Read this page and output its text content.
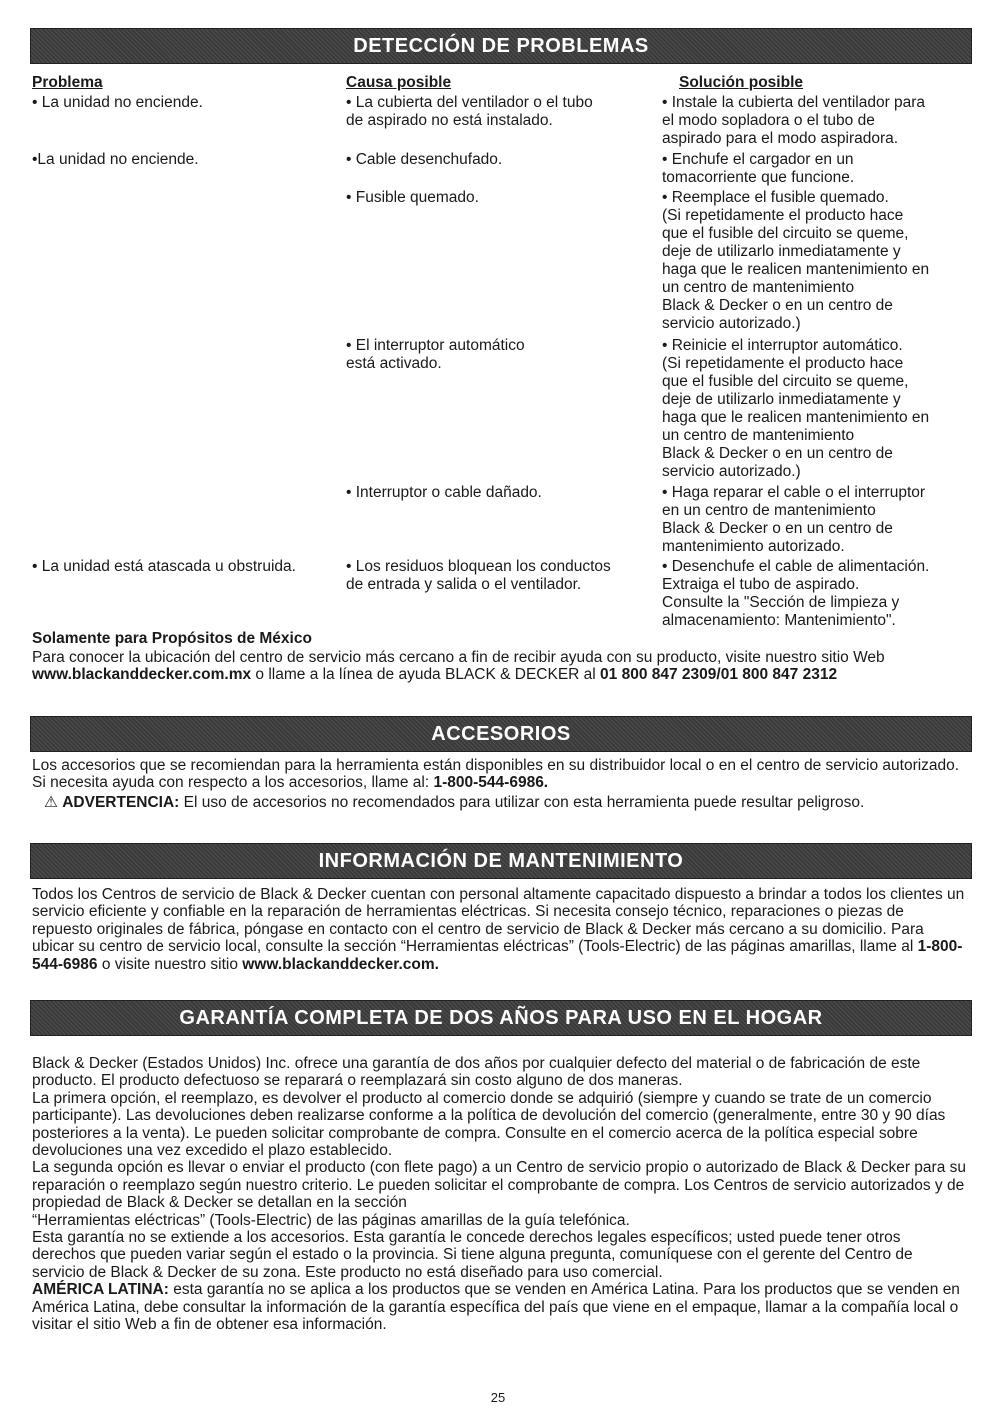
DETECCIÓN DE PROBLEMAS
Problema	Causa posible	Solución posible
• La unidad no enciende.	• La cubierta del ventilador o el tubo
de aspirado no está instalado.
• Instale la cubierta del ventilador para
el modo sopladora o el tubo de
aspirado para el modo aspiradora.
•La unidad no enciende.	• Cable desenchufado.	• Enchufe el cargador en un
tomacorriente que funcione.
• Fusible quemado.	• Reemplace el fusible quemado.
(Si repetidamente el producto hace
que el fusible del circuito se queme,
deje de utilizarlo inmediatamente y
haga que le realicen mantenimiento en
un centro de mantenimiento
Black & Decker o en un centro de
servicio autorizado.)
• El interruptor automático
está activado.
• Reinicie el interruptor automático.
(Si repetidamente el producto hace
que el fusible del circuito se queme,
deje de utilizarlo inmediatamente y
haga que le realicen mantenimiento en
un centro de mantenimiento
Black & Decker o en un centro de
servicio autorizado.)
• Interruptor o cable dañado.	• Haga reparar el cable o el interruptor
en un centro de mantenimiento
Black & Decker o en un centro de
mantenimiento autorizado.
• La unidad está atascada u obstruida.	• Los residuos bloquean los conductos
de entrada y salida o el ventilador.
• Desenchufe el cable de alimentación.
Extraiga el tubo de aspirado.
Consulte la "Sección de limpieza y
almacenamiento: Mantenimiento".
Solamente para Propósitos de México
Para conocer la ubicación del centro de servicio más cercano a fin de recibir ayuda con su producto, visite nuestro sitio Web www.blackanddecker.com.mx o llame a la línea de ayuda BLACK & DECKER al 01 800 847 2309/01 800 847 2312
ACCESORIOS
Los accesorios que se recomiendan para la herramienta están disponibles en su distribuidor local o en el centro de servicio autorizado. Si necesita ayuda con respecto a los accesorios, llame al: 1-800-544-6986.
⚠ ADVERTENCIA: El uso de accesorios no recomendados para utilizar con esta herramienta puede resultar peligroso.
INFORMACIÓN DE MANTENIMIENTO
Todos los Centros de servicio de Black & Decker cuentan con personal altamente capacitado dispuesto a brindar a todos los clientes un servicio eficiente y confiable en la reparación de herramientas eléctricas. Si necesita consejo técnico, reparaciones o piezas de repuesto originales de fábrica, póngase en contacto con el centro de servicio de Black & Decker más cercano a su domicilio. Para ubicar su centro de servicio local, consulte la sección “Herramientas eléctricas” (Tools-Electric) de las páginas amarillas, llame al 1-800-544-6986 o visite nuestro sitio www.blackanddecker.com.
GARANTÍA COMPLETA DE DOS AÑOS PARA USO EN EL HOGAR
Black & Decker (Estados Unidos) Inc. ofrece una garantía de dos años por cualquier defecto del material o de fabricación de este producto. El producto defectuoso se reparará o reemplazará sin costo alguno de dos maneras.
La primera opción, el reemplazo, es devolver el producto al comercio donde se adquirió (siempre y cuando se trate de un comercio participante). Las devoluciones deben realizarse conforme a la política de devolución del comercio (generalmente, entre 30 y 90 días posteriores a la venta). Le pueden solicitar comprobante de compra. Consulte en el comercio acerca de la política especial sobre devoluciones una vez excedido el plazo establecido.
La segunda opción es llevar o enviar el producto (con flete pago) a un Centro de servicio propio o autorizado de Black & Decker para su reparación o reemplazo según nuestro criterio. Le pueden solicitar el comprobante de compra. Los Centros de servicio autorizados y de propiedad de Black & Decker se detallan en la sección
“Herramientas eléctricas” (Tools-Electric) de las páginas amarillas de la guía telefónica.
Esta garantía no se extiende a los accesorios. Esta garantía le concede derechos legales específicos; usted puede tener otros derechos que pueden variar según el estado o la provincia. Si tiene alguna pregunta, comuníquese con el gerente del Centro de servicio de Black & Decker de su zona. Este producto no está diseñado para uso comercial.
AMÉRICA LATINA: esta garantía no se aplica a los productos que se venden en América Latina. Para los productos que se venden en América Latina, debe consultar la información de la garantía específica del país que viene en el empaque, llamar a la compañía local o visitar el sitio Web a fin de obtener esa información.
25
